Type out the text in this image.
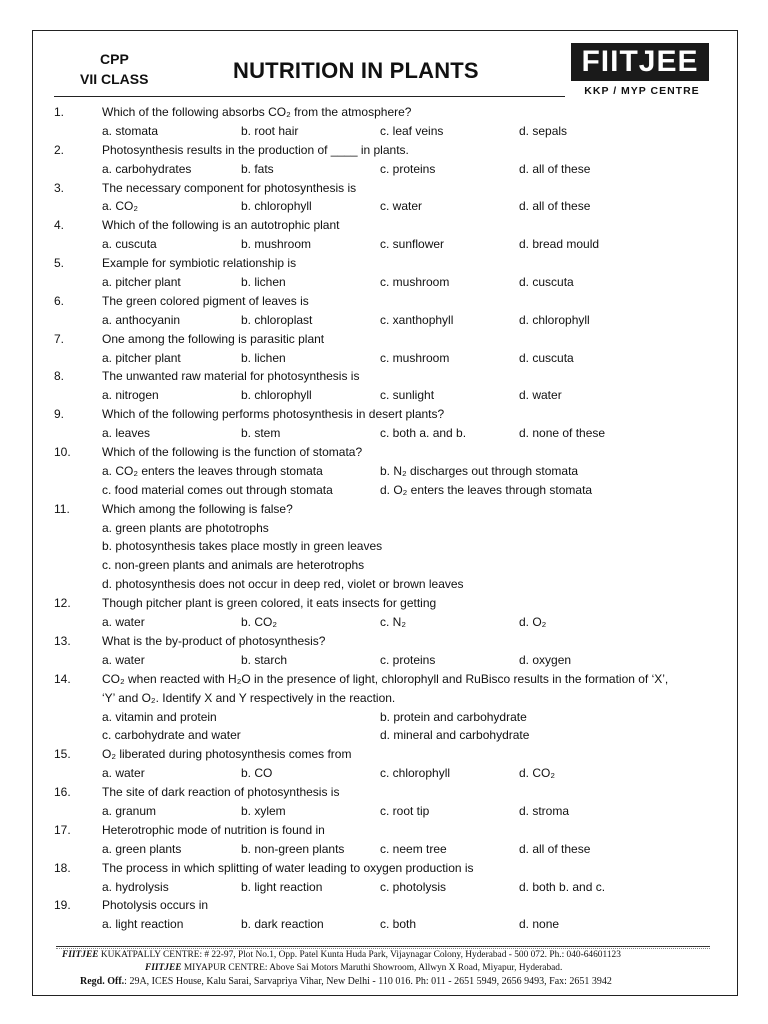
CPP
VII CLASS	NUTRITION IN PLANTS	FIITJEE
KKP / MYP CENTRE
1.	Which of the following absorbs CO₂ from the atmosphere?
a. stomata	b. root hair	c. leaf veins	d. sepals
2.	Photosynthesis results in the production of ____ in plants.
a. carbohydrates	b. fats	c. proteins	d. all of these
3.	The necessary component for photosynthesis is
a. CO₂	b. chlorophyll	c. water	d. all of these
4.	Which of the following is an autotrophic plant
a. cuscuta	b. mushroom	c. sunflower	d. bread mould
5.	Example for symbiotic relationship is
a. pitcher plant	b. lichen	c. mushroom	d. cuscuta
6.	The green colored pigment of leaves is
a. anthocyanin	b. chloroplast	c. xanthophyll	d. chlorophyll
7.	One among the following is parasitic plant
a. pitcher plant	b. lichen	c. mushroom	d. cuscuta
8.	The unwanted raw material for photosynthesis is
a. nitrogen	b. chlorophyll	c. sunlight	d. water
9.	Which of the following performs photosynthesis in desert plants?
a. leaves	b. stem	c. both a. and b.	d. none of these
10.	Which of the following is the function of stomata?
a. CO₂ enters the leaves through stomata	b. N₂ discharges out through stomata
c. food material comes out through stomata	d. O₂ enters the leaves through stomata
11.	Which among the following is false?
a. green plants are phototrophs
b. photosynthesis takes place mostly in green leaves
c. non-green plants and animals are heterotrophs
d. photosynthesis does not occur in deep red, violet or brown leaves
12.	Though pitcher plant is green colored, it eats insects for getting
a. water	b. CO₂	c. N₂	d. O₂
13.	What is the by-product of photosynthesis?
a. water	b. starch	c. proteins	d. oxygen
14.	CO₂ when reacted with H₂O in the presence of light, chlorophyll and RuBisco results in the formation of ‘X’,
‘Y’ and O₂. Identify X and Y respectively in the reaction.
a. vitamin and protein	b. protein and carbohydrate
c. carbohydrate and water	d. mineral and carbohydrate
15.	O₂ liberated during photosynthesis comes from
a. water	b. CO	c. chlorophyll	d. CO₂
16.	The site of dark reaction of photosynthesis is
a. granum	b. xylem	c. root tip	d. stroma
17.	Heterotrophic mode of nutrition is found in
a. green plants	b. non-green plants	c. neem tree	d. all of these
18.	The process in which splitting of water leading to oxygen production is
a. hydrolysis	b. light reaction	c. photolysis	d. both b. and c.
19.	Photolysis occurs in
a. light reaction	b. dark reaction	c. both	d. none
FIITJEE KUKATPALLY CENTRE: # 22-97, Plot No.1, Opp. Patel Kunta Huda Park, Vijaynagar Colony, Hyderabad - 500 072. Ph.: 040-64601123
FIITJEE MIYAPUR CENTRE: Above Sai Motors Maruthi Showroom, Allwyn X Road, Miyapur, Hyderabad.
Regd. Off.: 29A, ICES House, Kalu Sarai, Sarvapriya Vihar, New Delhi - 110 016. Ph: 011 - 2651 5949, 2656 9493, Fax: 2651 3942
